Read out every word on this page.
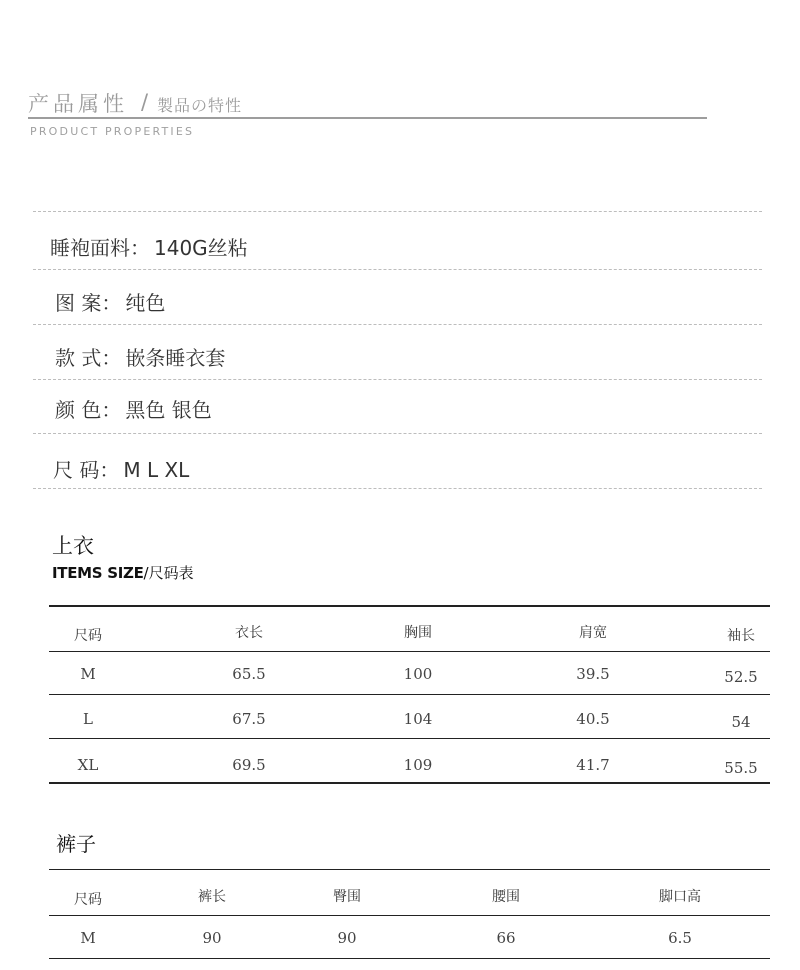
产品属性 / 製品の特性
PRODUCT PROPERTIES
睡袍面料： 140G丝粘
图 案： 纯色
款 式： 嵌条睡衣套
颜 色： 黑色 银色
尺 码： M L XL
上衣
ITEMS SIZE/尺码表
尺码	衣长	胸围	肩宽	袖长
M	65.5	100	39.5	52.5
L	67.5	104	40.5	54
XL	69.5	109	41.7	55.5
裤子
尺码	裤长	臀围	腰围	脚口高
M	90	90	66	6.5
